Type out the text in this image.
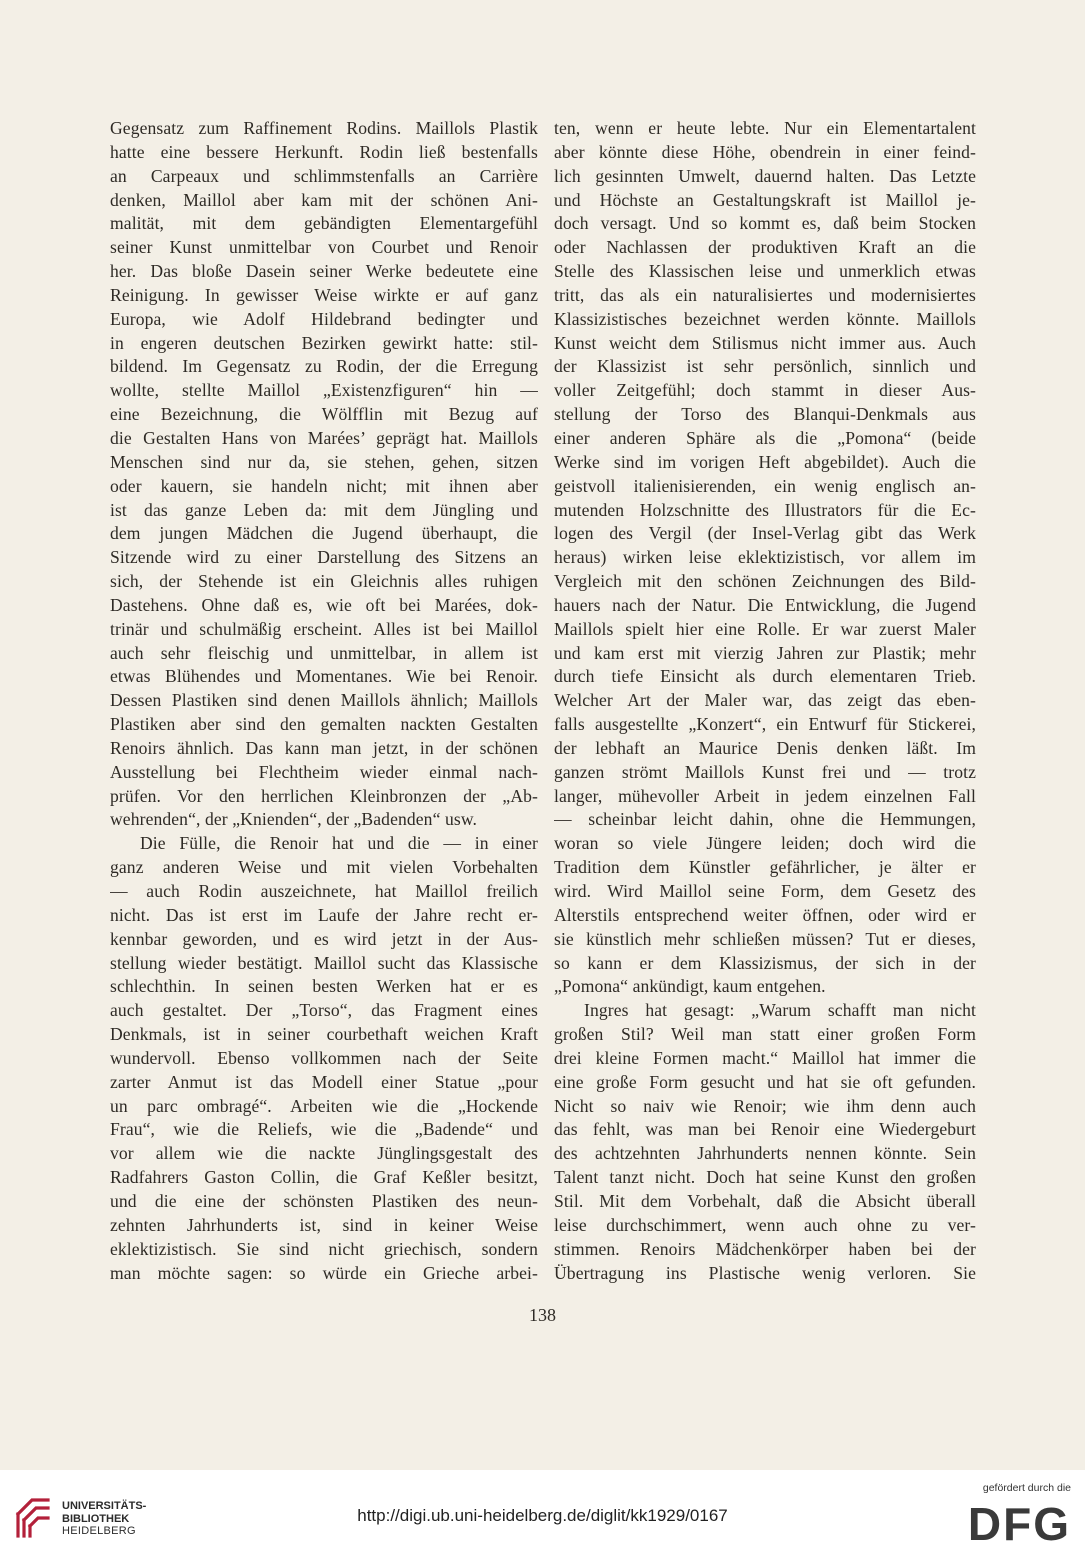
Gegensatz zum Raffinement Rodins. Maillols Plastik
hatte eine bessere Herkunft. Rodin ließ bestenfalls
an Carpeaux und schlimmstenfalls an Carrière
denken, Maillol aber kam mit der schönen Ani-
malität, mit dem gebändigten Elementargefühl
seiner Kunst unmittelbar von Courbet und Renoir
her. Das bloße Dasein seiner Werke bedeutete eine
Reinigung. In gewisser Weise wirkte er auf ganz
Europa, wie Adolf Hildebrand bedingter und
in engeren deutschen Bezirken gewirkt hatte: stil-
bildend. Im Gegensatz zu Rodin, der die Erregung
wollte, stellte Maillol „Existenzfiguren“ hin —
eine Bezeichnung, die Wölfflin mit Bezug auf
die Gestalten Hans von Marées’ geprägt hat. Maillols
Menschen sind nur da, sie stehen, gehen, sitzen
oder kauern, sie handeln nicht; mit ihnen aber
ist das ganze Leben da: mit dem Jüngling und
dem jungen Mädchen die Jugend überhaupt, die
Sitzende wird zu einer Darstellung des Sitzens an
sich, der Stehende ist ein Gleichnis alles ruhigen
Dastehens. Ohne daß es, wie oft bei Marées, dok-
trinär und schulmäßig erscheint. Alles ist bei Maillol
auch sehr fleischig und unmittelbar, in allem ist
etwas Blühendes und Momentanes. Wie bei Renoir.
Dessen Plastiken sind denen Maillols ähnlich; Maillols
Plastiken aber sind den gemalten nackten Gestalten
Renoirs ähnlich. Das kann man jetzt, in der schönen
Ausstellung bei Flechtheim wieder einmal nach-
prüfen. Vor den herrlichen Kleinbronzen der „Ab-
wehrenden“, der „Knienden“, der „Badenden“ usw.
Die Fülle, die Renoir hat und die — in einer
ganz anderen Weise und mit vielen Vorbehalten
— auch Rodin auszeichnete, hat Maillol freilich
nicht. Das ist erst im Laufe der Jahre recht er-
kennbar geworden, und es wird jetzt in der Aus-
stellung wieder bestätigt. Maillol sucht das Klassische
schlechthin. In seinen besten Werken hat er es
auch gestaltet. Der „Torso“, das Fragment eines
Denkmals, ist in seiner courbethaft weichen Kraft
wundervoll. Ebenso vollkommen nach der Seite
zarter Anmut ist das Modell einer Statue „pour
un parc ombragé“. Arbeiten wie die „Hockende
Frau“, wie die Reliefs, wie die „Badende“ und
vor allem wie die nackte Jünglingsgestalt des
Radfahrers Gaston Collin, die Graf Keßler besitzt,
und die eine der schönsten Plastiken des neun-
zehnten Jahrhunderts ist, sind in keiner Weise
eklektizistisch. Sie sind nicht griechisch, sondern
man möchte sagen: so würde ein Grieche arbei-
ten, wenn er heute lebte. Nur ein Elementartalent
aber könnte diese Höhe, obendrein in einer feind-
lich gesinnten Umwelt, dauernd halten. Das Letzte
und Höchste an Gestaltungskraft ist Maillol je-
doch versagt. Und so kommt es, daß beim Stocken
oder Nachlassen der produktiven Kraft an die
Stelle des Klassischen leise und unmerklich etwas
tritt, das als ein naturalisiertes und modernisiertes
Klassizistisches bezeichnet werden könnte. Maillols
Kunst weicht dem Stilismus nicht immer aus. Auch
der Klassizist ist sehr persönlich, sinnlich und
voller Zeitgefühl; doch stammt in dieser Aus-
stellung der Torso des Blanqui-Denkmals aus
einer anderen Sphäre als die „Pomona“ (beide
Werke sind im vorigen Heft abgebildet). Auch die
geistvoll italienisierenden, ein wenig englisch an-
mutenden Holzschnitte des Illustrators für die Ec-
logen des Vergil (der Insel-Verlag gibt das Werk
heraus) wirken leise eklektizistisch, vor allem im
Vergleich mit den schönen Zeichnungen des Bild-
hauers nach der Natur. Die Entwicklung, die Jugend
Maillols spielt hier eine Rolle. Er war zuerst Maler
und kam erst mit vierzig Jahren zur Plastik; mehr
durch tiefe Einsicht als durch elementaren Trieb.
Welcher Art der Maler war, das zeigt das eben-
falls ausgestellte „Konzert“, ein Entwurf für Stickerei,
der lebhaft an Maurice Denis denken läßt. Im
ganzen strömt Maillols Kunst frei und — trotz
langer, mühevoller Arbeit in jedem einzelnen Fall
— scheinbar leicht dahin, ohne die Hemmungen,
woran so viele Jüngere leiden; doch wird die
Tradition dem Künstler gefährlicher, je älter er
wird. Wird Maillol seine Form, dem Gesetz des
Alterstils entsprechend weiter öffnen, oder wird er
sie künstlich mehr schließen müssen? Tut er dieses,
so kann er dem Klassizismus, der sich in der
„Pomona“ ankündigt, kaum entgehen.
Ingres hat gesagt: „Warum schafft man nicht
großen Stil? Weil man statt einer großen Form
drei kleine Formen macht.“ Maillol hat immer die
eine große Form gesucht und hat sie oft gefunden.
Nicht so naiv wie Renoir; wie ihm denn auch
das fehlt, was man bei Renoir eine Wiedergeburt
des achtzehnten Jahrhunderts nennen könnte. Sein
Talent tanzt nicht. Doch hat seine Kunst den großen
Stil. Mit dem Vorbehalt, daß die Absicht überall
leise durchschimmert, wenn auch ohne zu ver-
stimmen. Renoirs Mädchenkörper haben bei der
Übertragung ins Plastische wenig verloren. Sie
138
UNIVERSITÄTS-
BIBLIOTHEK
HEIDELBERG
http://digi.ub.uni-heidelberg.de/diglit/kk1929/0167
gefördert durch die
DFG
